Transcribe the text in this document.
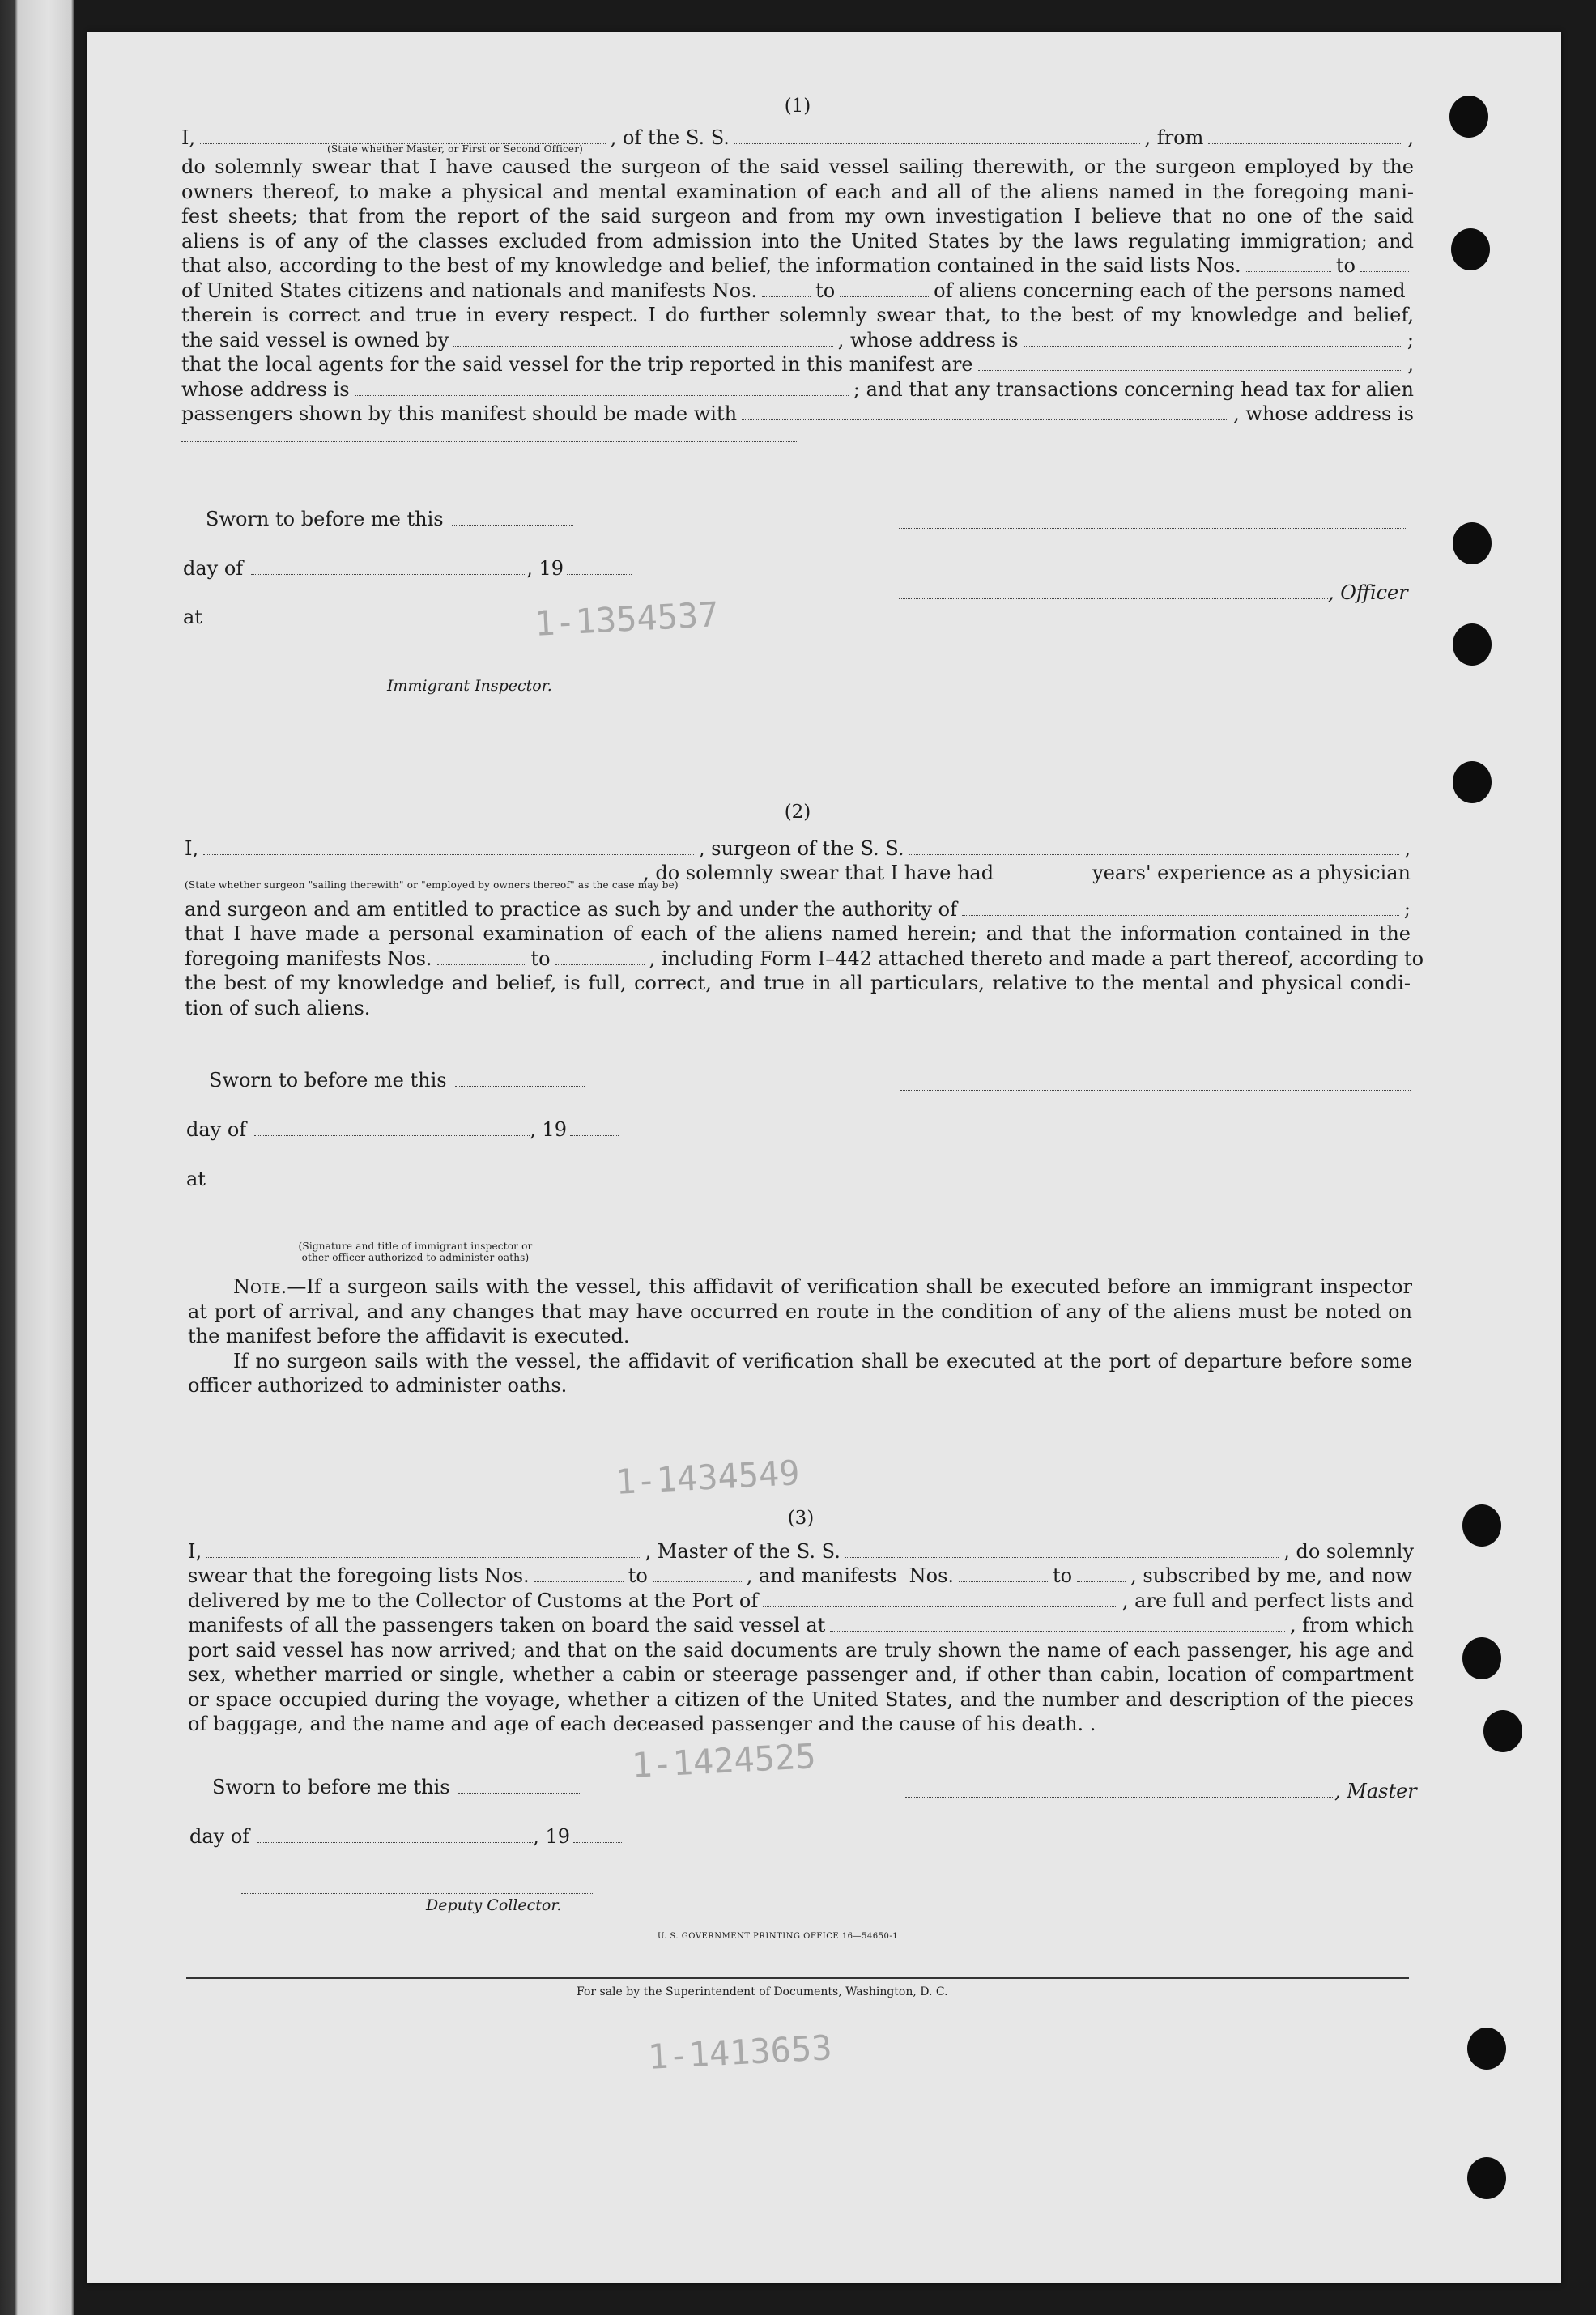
1-1354537
1-1434549
1-1424525
1-1413653
(1)
I,	, of the S. S.	, from	,
(State whether Master, or First or Second Officer)
do solemnly swear that I have caused the surgeon of the said vessel sailing therewith, or the surgeon employed by the
owners thereof, to make a physical and mental examination of each and all of the aliens named in the foregoing mani-
fest sheets; that from the report of the said surgeon and from my own investigation I believe that no one of the said
aliens is of any of the classes excluded from admission into the United States by the laws regulating immigration; and
that also, according to the best of my knowledge and belief, the information contained in the said lists Nos.	to
of United States citizens and nationals and manifests Nos.	to	of aliens concerning each of the persons named
therein is correct and true in every respect. I do further solemnly swear that, to the best of my knowledge and belief,
the said vessel is owned by	, whose address is	;
that the local agents for the said vessel for the trip reported in this manifest are	,
whose address is	; and that any transactions concerning head tax for alien
passengers shown by this manifest should be made with	, whose address is
Sworn to before me this
day of	, 19
at
Immigrant Inspector.
, Officer
(2)
I,	, surgeon of the S. S.	,
, do solemnly swear that I have had	years' experience as a physician
(State whether surgeon "sailing therewith" or "employed by owners thereof" as the case may be)
and surgeon and am entitled to practice as such by and under the authority of	;
that I have made a personal examination of each of the aliens named herein; and that the information contained in the
foregoing manifests Nos.	to	, including Form I–442 attached thereto and made a part thereof, according to
the best of my knowledge and belief, is full, correct, and true in all particulars, relative to the mental and physical condi-
tion of such aliens.
Sworn to before me this
day of	, 19
at
(Signature and title of immigrant inspector or
other officer authorized to administer oaths)

Note.—If a surgeon sails with the vessel, this affidavit of verification shall be executed before an immigrant inspector at port of arrival, and any changes that may have occurred en route in the condition of any of the aliens must be noted on the manifest before the affidavit is executed.

If no surgeon sails with the vessel, the affidavit of verification shall be executed at the port of departure before some officer authorized to administer oaths.

(3)
I,	, Master of the S. S.	, do solemnly
swear that the foregoing lists Nos.	to	, and manifests  Nos.	to	, subscribed by me, and now
delivered by me to the Collector of Customs at the Port of	, are full and perfect lists and
manifests of all the passengers taken on board the said vessel at	, from which
port said vessel has now arrived; and that on the said documents are truly shown the name of each passenger, his age and
sex, whether married or single, whether a cabin or steerage passenger and, if other than cabin, location of compartment
or space occupied during the voyage, whether a citizen of the United States, and the number and description of the pieces
of baggage, and the name and age of each deceased passenger and the cause of his death. .
Sworn to before me this
day of	, 19
, Master
Deputy Collector.
U. S. GOVERNMENT PRINTING OFFICE 16—54650-1
For sale by the Superintendent of Documents, Washington, D. C.
